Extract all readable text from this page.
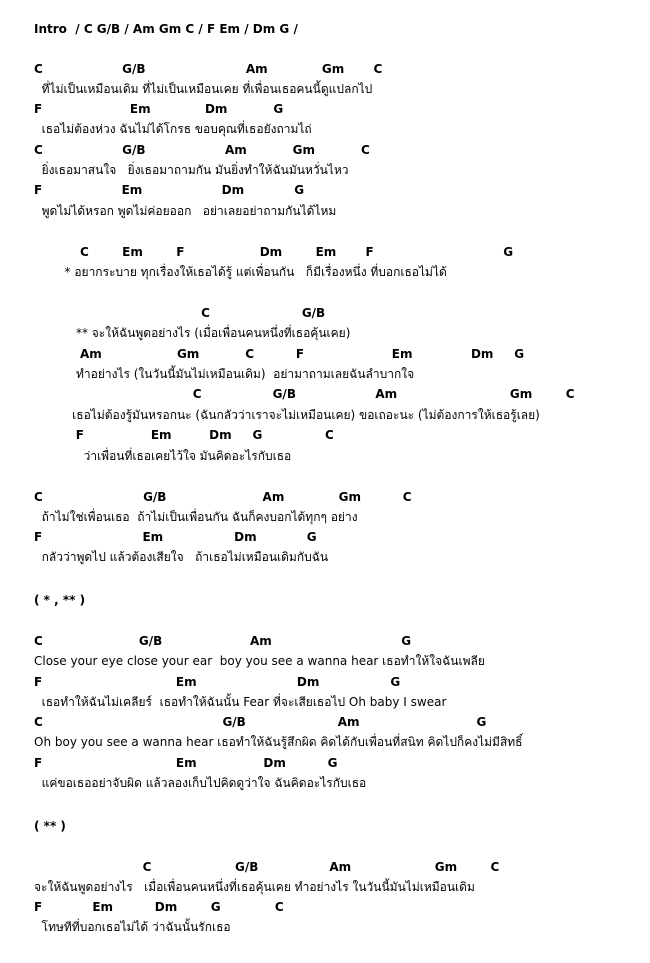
Intro  / C G/B / Am Gm C / F Em / Dm G /
C                   G/B                        Am             Gm       C
ที่ไม่เป็นเหมือนเดิม ที่ไม่เป็นเหมือนเคย ที่เพื่อนเธอคนนี้ดูแปลกไป
F                     Em             Dm           G
เธอไม่ต้องห่วง ฉันไม่ได้โกรธ ขอบคุณที่เธอยังถามไถ่
C                   G/B                   Am           Gm           C
ยิ่งเธอมาสนใจ   ยิ่งเธอมาถามกัน มันยิ่งทำให้ฉันมันหวั่นไหว
F                   Em                   Dm            G
พูดไม่ได้หรอก พูดไม่ค่อยออก   อย่าเลยอย่าถามกันได้ไหม
C        Em        F                  Dm        Em       F                               G
* อยากระบาย ทุกเรื่องให้เธอได้รู้ แต่เพื่อนกัน   ก็มีเรื่องหนึ่ง ที่บอกเธอไม่ได้
C                      G/B
** จะให้ฉันพูดอย่างไร (เมื่อเพื่อนคนหนึ่งที่เธอคุ้นเคย)
Am                  Gm           C          F                     Em              Dm     G
ทำอย่างไร (ในวันนี้มันไม่เหมือนเดิม)  อย่ามาถามเลยฉันลำบากใจ
C                 G/B                   Am                           Gm        C
เธอไม่ต้องรู้มันหรอกนะ (ฉันกลัวว่าเราจะไม่เหมือนเคย) ขอเถอะนะ (ไม่ต้องการให้เธอรู้เลย)
F                Em         Dm     G               C
ว่าเพื่อนที่เธอเคยไว้ใจ มันคิดอะไรกับเธอ
C                        G/B                       Am             Gm          C
ถ้าไม่ใช่เพื่อนเธอ  ถ้าไม่เป็นเพื่อนกัน ฉันก็คงบอกได้ทุกๆ อย่าง
F                        Em                 Dm            G
กลัวว่าพูดไป แล้วต้องเสียใจ   ถ้าเธอไม่เหมือนเดิมกับฉัน
( * , ** )
C                       G/B                     Am                               G
Close your eye close your ear  boy you see a wanna hear เธอทำให้ใจฉันเพลีย
F                                Em                        Dm                 G
เธอทำให้ฉันไม่เคลียร์  เธอทำให้ฉันนั้น Fear ที่จะเสียเธอไป Oh baby I swear
C                                           G/B                      Am                            G
Oh boy you see a wanna hear เธอทำให้ฉันรู้สึกผิด คิดได้กับเพื่อนที่สนิท คิดไปก็คงไม่มีสิทธิ์
F                                Em                Dm          G
แค่ขอเธออย่าจับผิด แล้วลองเก็บไปคิดดูว่าใจ ฉันคิดอะไรกับเธอ
( ** )
C                    G/B                 Am                    Gm        C
จะให้ฉันพูดอย่างไร   เมื่อเพื่อนคนหนึ่งที่เธอคุ้นเคย ทำอย่างไร ในวันนี้มันไม่เหมือนเดิม
F            Em          Dm        G             C
โทษทีที่บอกเธอไม่ได้ ว่าฉันนั้นรักเธอ
